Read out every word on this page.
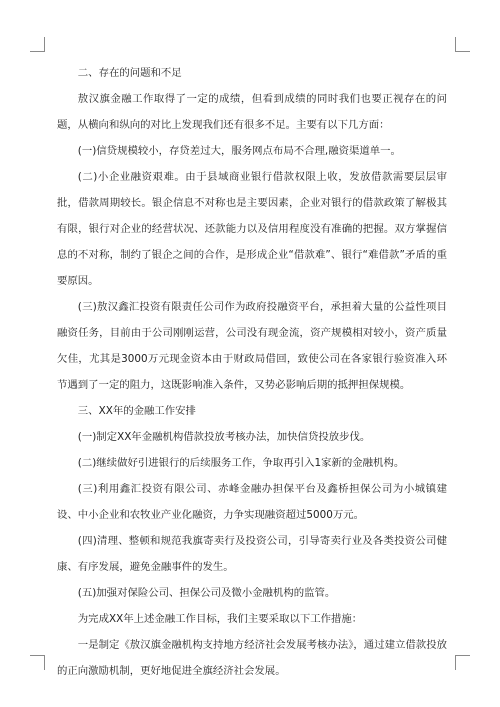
二、存在的问题和不足

敖汉旗金融工作取得了一定的成绩，但看到成绩的同时我们也要正视存在的问题，从横向和纵向的对比上发现我们还有很多不足。主要有以下几方面：

(一)信贷规模较小，存贷差过大，服务网点布局不合理,融资渠道单一。

(二)小企业融资艰难。由于县域商业银行借款权限上收，发放借款需要层层审批，借款周期较长。银企信息不对称也是主要因素，企业对银行的借款政策了解极其有限，银行对企业的经营状况、还款能力以及信用程度没有准确的把握。双方掌握信息的不对称，制约了银企之间的合作，是形成企业“借款难”、银行“难借款”矛盾的重要原因。

(三)敖汉鑫汇投资有限责任公司作为政府投融资平台，承担着大量的公益性项目融资任务，目前由于公司刚刚运营，公司没有现金流，资产规模相对较小，资产质量欠佳，尤其是3000万元现金资本由于财政局借回，致使公司在各家银行验资准入环节遇到了一定的阻力，这既影响准入条件，又势必影响后期的抵押担保规模。

三、XX年的金融工作安排

(一)制定XX年金融机构借款投放考核办法，加快信贷投放步伐。

(二)继续做好引进银行的后续服务工作，争取再引入1家新的金融机构。

(三)利用鑫汇投资有限公司、赤峰金融办担保平台及鑫桥担保公司为小城镇建设、中小企业和农牧业产业化融资，力争实现融资超过5000万元。

(四)清理、整顿和规范我旗寄卖行及投资公司，引导寄卖行业及各类投资公司健康、有序发展，避免金融事件的发生。

(五)加强对保险公司、担保公司及微小金融机构的监管。

为完成XX年上述金融工作目标，我们主要采取以下工作措施：

一是制定《敖汉旗金融机构支持地方经济社会发展考核办法》，通过建立借款投放的正向激励机制，更好地促进全旗经济社会发展。
